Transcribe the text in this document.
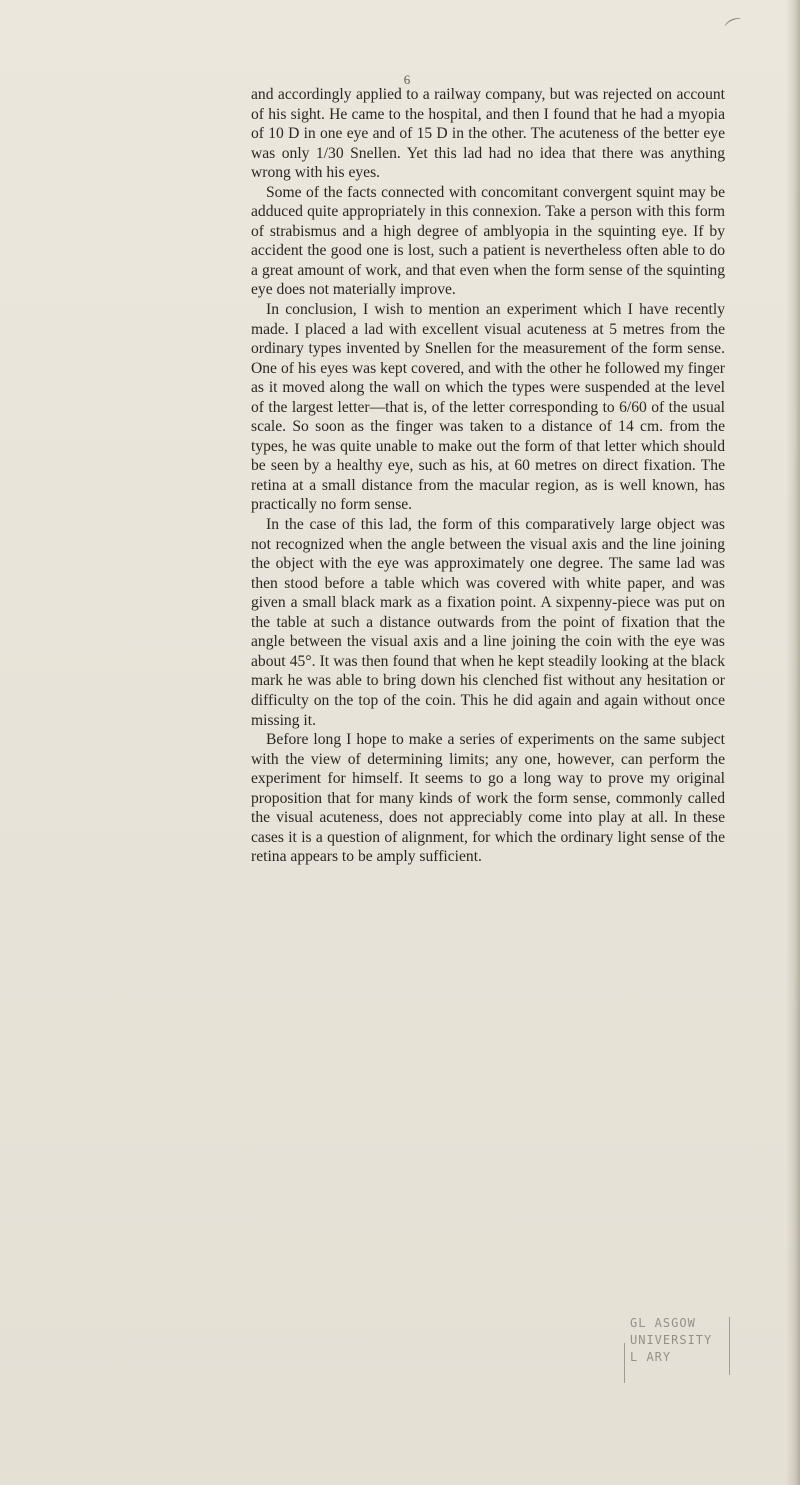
⌒
6

and accordingly applied to a railway company, but was rejected on account of his sight. He came to the hospital, and then I found that he had a myopia of 10 D in one eye and of 15 D in the other. The acuteness of the better eye was only 1/30 Snellen. Yet this lad had no idea that there was anything wrong with his eyes.

Some of the facts connected with concomitant convergent squint may be adduced quite appropriately in this connexion. Take a person with this form of strabismus and a high degree of amblyopia in the squinting eye. If by accident the good one is lost, such a patient is nevertheless often able to do a great amount of work, and that even when the form sense of the squinting eye does not materially improve.

In conclusion, I wish to mention an experiment which I have recently made. I placed a lad with excellent visual acuteness at 5 metres from the ordinary types invented by Snellen for the measurement of the form sense. One of his eyes was kept covered, and with the other he followed my finger as it moved along the wall on which the types were suspended at the level of the largest letter—that is, of the letter corresponding to 6/60 of the usual scale. So soon as the finger was taken to a distance of 14 cm. from the types, he was quite unable to make out the form of that letter which should be seen by a healthy eye, such as his, at 60 metres on direct fixation. The retina at a small distance from the macular region, as is well known, has practically no form sense.

In the case of this lad, the form of this comparatively large object was not recognized when the angle between the visual axis and the line joining the object with the eye was approximately one degree. The same lad was then stood before a table which was covered with white paper, and was given a small black mark as a fixation point. A sixpenny-piece was put on the table at such a distance outwards from the point of fixation that the angle between the visual axis and a line joining the coin with the eye was about 45°. It was then found that when he kept steadily looking at the black mark he was able to bring down his clenched fist without any hesitation or difficulty on the top of the coin. This he did again and again without once missing it.

Before long I hope to make a series of experiments on the same subject with the view of determining limits; any one, however, can perform the experiment for himself. It seems to go a long way to prove my original proposition that for many kinds of work the form sense, commonly called the visual acuteness, does not appreciably come into play at all. In these cases it is a question of alignment, for which the ordinary light sense of the retina appears to be amply sufficient.

GL ASGOW
UNIVERSITY
L ARY
